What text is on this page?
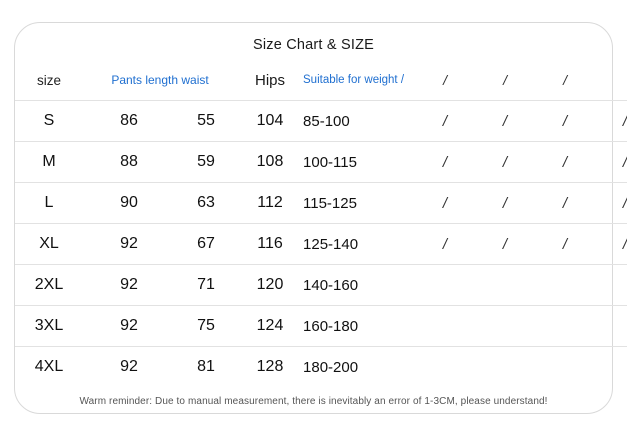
Size Chart & SIZE
size	Pants length waist		Hips	Suitable for weight /	/	/	/	
S	86	55	104	85-100	/	/	/	/
M	88	59	108	100-115	/	/	/	/
L	90	63	112	115-125	/	/	/	/
XL	92	67	116	125-140	/	/	/	/
2XL	92	71	120	140-160				
3XL	92	75	124	160-180				
4XL	92	81	128	180-200				
Warm reminder: Due to manual measurement, there is inevitably an error of 1-3CM, please understand!
